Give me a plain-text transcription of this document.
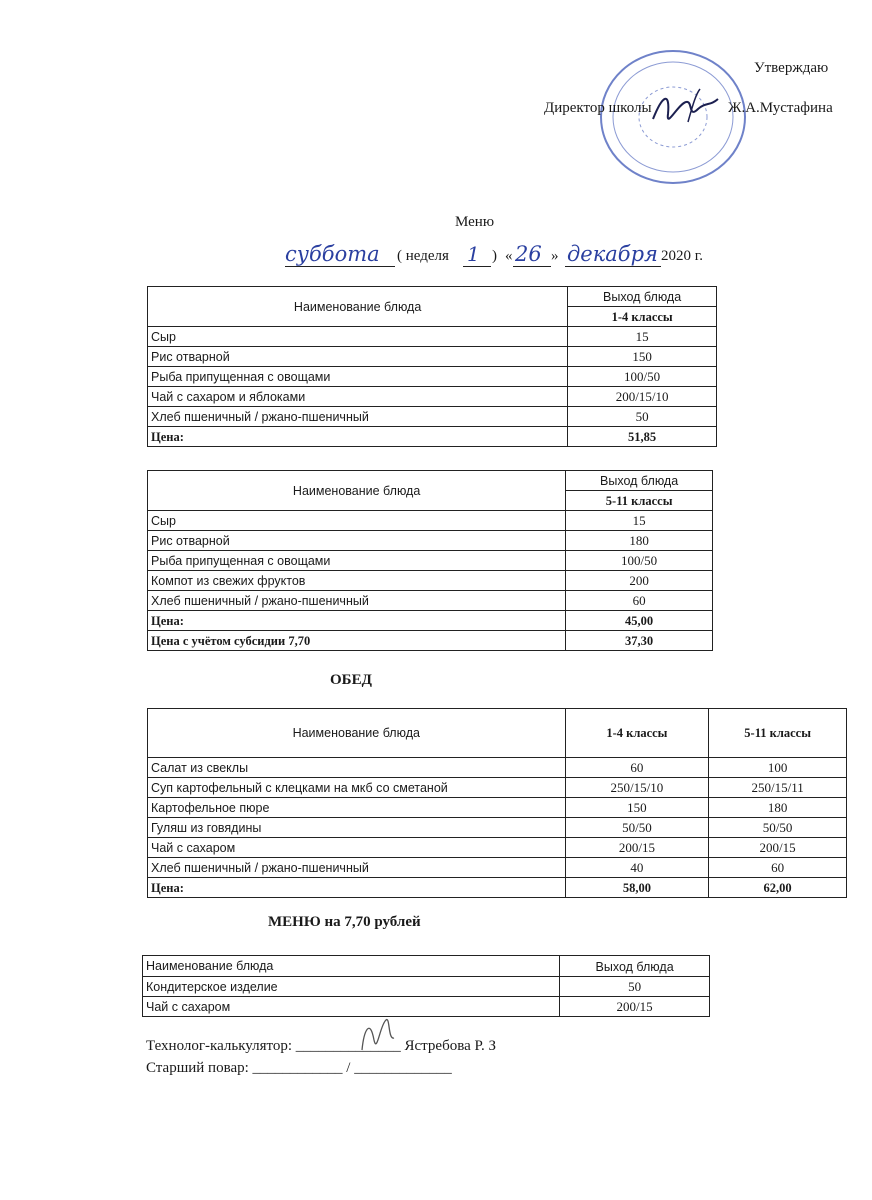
Утверждаю
Директор школы	Ж.А.Мустафина
Меню
суббота ( неделя 1 ) « 26 » декабря 2020 г.
Наименование блюда	Выход блюда
	1-4 классы
Сыр	15
Рис отварной	150
Рыба припущенная с овощами	100/50
Чай с сахаром и яблоками	200/15/10
Хлеб пшеничный / ржано-пшеничный	50
Цена:	51,85
Наименование блюда	Выход блюда
	5-11 классы
Сыр	15
Рис отварной	180
Рыба припущенная с овощами	100/50
Компот из свежих фруктов	200
Хлеб пшеничный / ржано-пшеничный	60
Цена:	45,00
Цена с учётом субсидии 7,70	37,30
ОБЕД
Наименование блюда	1-4 классы	5-11 классы
Салат из свеклы	60	100
Суп картофельный с клецками на мкб со сметаной	250/15/10	250/15/11
Картофельное пюре	150	180
Гуляш из говядины	50/50	50/50
Чай с сахаром	200/15	200/15
Хлеб пшеничный / ржано-пшеничный	40	60
Цена:	58,00	62,00
МЕНЮ на 7,70 рублей
Наименование блюда	Выход блюда
Кондитерское изделие	50
Чай с сахаром	200/15
Технолог-калькулятор: ______________ Ястребова Р. З
Старший повар: ____________ / _____________
